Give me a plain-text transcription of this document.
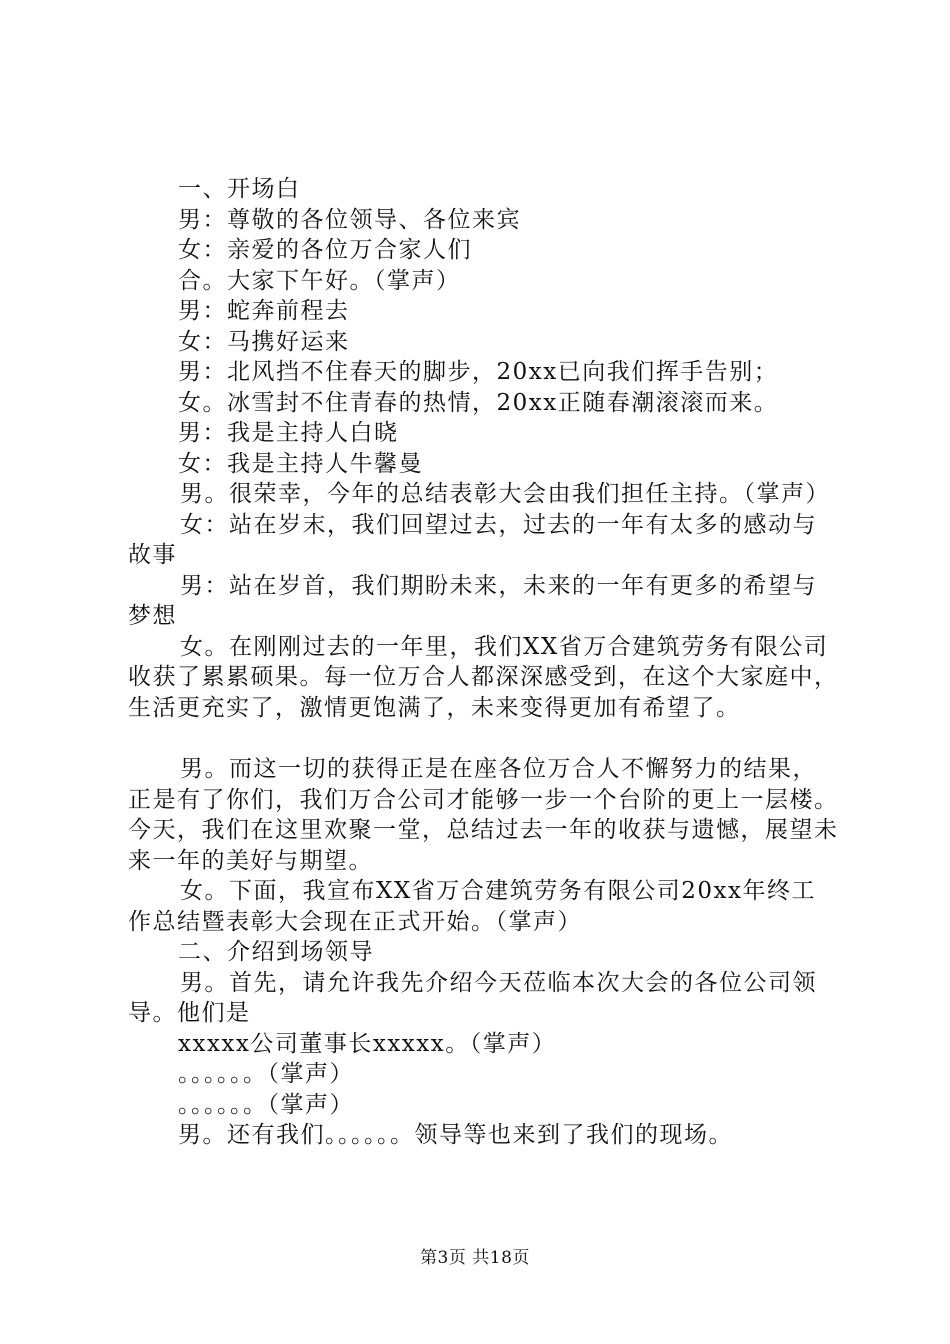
一、开场白

男：尊敬的各位领导、各位来宾

女：亲爱的各位万合家人们

合。大家下午好。（掌声）

男：蛇奔前程去

女：马携好运来

男：北风挡不住春天的脚步，20xx已向我们挥手告别；

女。冰雪封不住青春的热情，20xx正随春潮滚滚而来。

男：我是主持人白晓

女：我是主持人牛馨曼

男。很荣幸，今年的总结表彰大会由我们担任主持。（掌声）

女：站在岁末，我们回望过去，过去的一年有太多的感动与故事

男：站在岁首，我们期盼未来，未来的一年有更多的希望与梦想

女。在刚刚过去的一年里，我们XX省万合建筑劳务有限公司收获了累累硕果。每一位万合人都深深感受到，在这个大家庭中，生活更充实了，激情更饱满了，未来变得更加有希望了。

男。而这一切的获得正是在座各位万合人不懈努力的结果，正是有了你们，我们万合公司才能够一步一个台阶的更上一层楼。今天，我们在这里欢聚一堂，总结过去一年的收获与遗憾，展望未来一年的美好与期望。

女。下面，我宣布XX省万合建筑劳务有限公司20xx年终工作总结暨表彰大会现在正式开始。（掌声）

二、介绍到场领导

男。首先，请允许我先介绍今天莅临本次大会的各位公司领导。他们是

xxxxx公司董事长xxxxx。（掌声）

。。。。。。（掌声）

。。。。。。（掌声）

男。还有我们。。。。。。领导等也来到了我们的现场。

第3页 共18页
